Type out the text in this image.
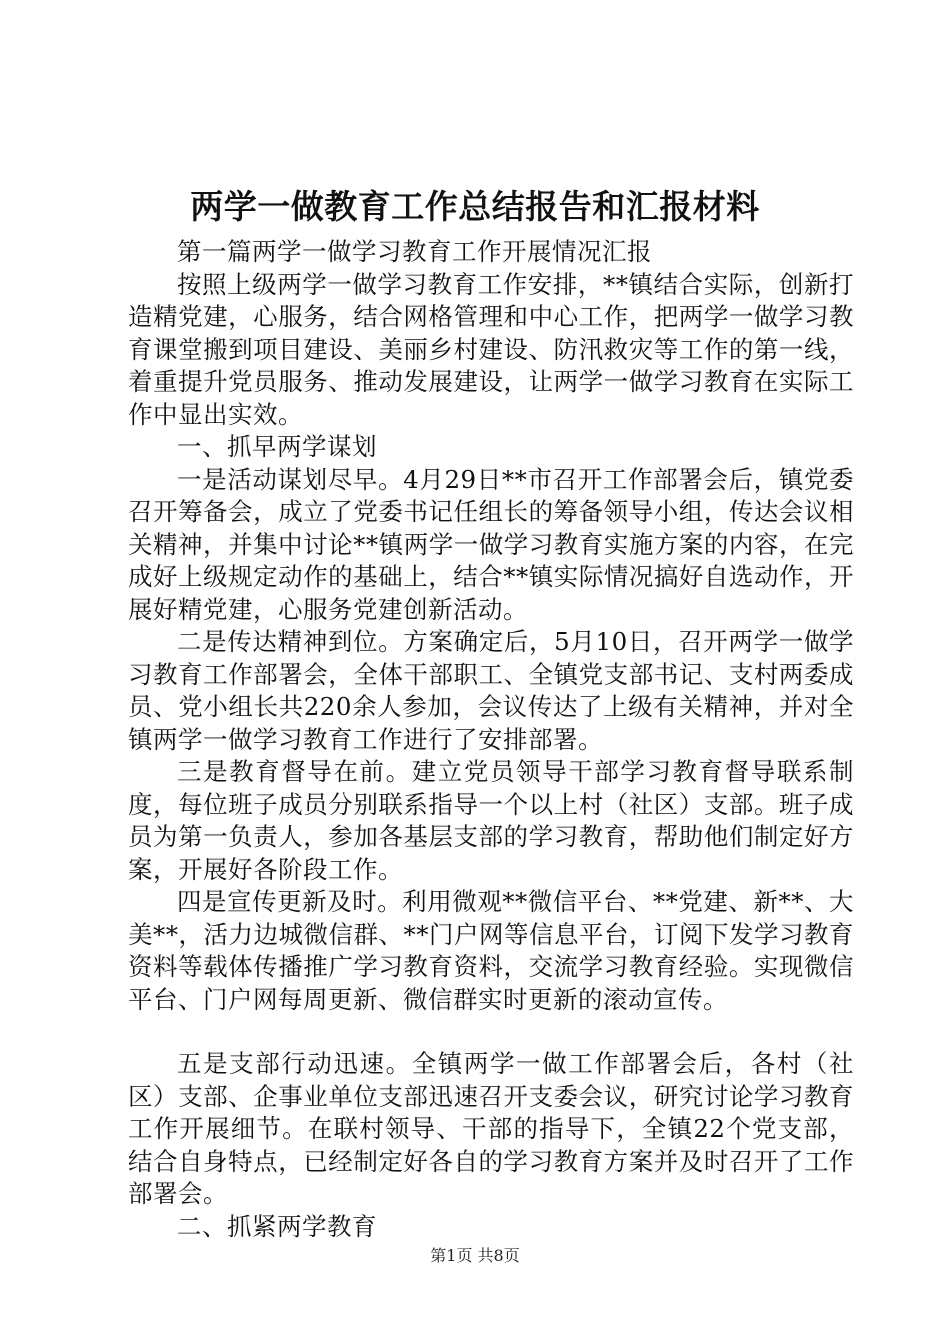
两学一做教育工作总结报告和汇报材料

第一篇两学一做学习教育工作开展情况汇报

按照上级两学一做学习教育工作安排，**镇结合实际，创新打造精党建，心服务，结合网格管理和中心工作，把两学一做学习教育课堂搬到项目建设、美丽乡村建设、防汛救灾等工作的第一线，着重提升党员服务、推动发展建设，让两学一做学习教育在实际工作中显出实效。

一、抓早两学谋划

一是活动谋划尽早。4月29日**市召开工作部署会后，镇党委召开筹备会，成立了党委书记任组长的筹备领导小组，传达会议相关精神，并集中讨论**镇两学一做学习教育实施方案的内容，在完成好上级规定动作的基础上，结合**镇实际情况搞好自选动作，开展好精党建，心服务党建创新活动。

二是传达精神到位。方案确定后，5月10日，召开两学一做学习教育工作部署会，全体干部职工、全镇党支部书记、支村两委成员、党小组长共220余人参加，会议传达了上级有关精神，并对全镇两学一做学习教育工作进行了安排部署。

三是教育督导在前。建立党员领导干部学习教育督导联系制度，每位班子成员分别联系指导一个以上村（社区）支部。班子成员为第一负责人，参加各基层支部的学习教育，帮助他们制定好方案，开展好各阶段工作。

四是宣传更新及时。利用微观**微信平台、**党建、新**、大美**，活力边城微信群、**门户网等信息平台，订阅下发学习教育资料等载体传播推广学习教育资料，交流学习教育经验。实现微信平台、门户网每周更新、微信群实时更新的滚动宣传。

五是支部行动迅速。全镇两学一做工作部署会后，各村（社区）支部、企事业单位支部迅速召开支委会议，研究讨论学习教育工作开展细节。在联村领导、干部的指导下，全镇22个党支部，结合自身特点，已经制定好各自的学习教育方案并及时召开了工作部署会。

二、抓紧两学教育

第1页 共8页
